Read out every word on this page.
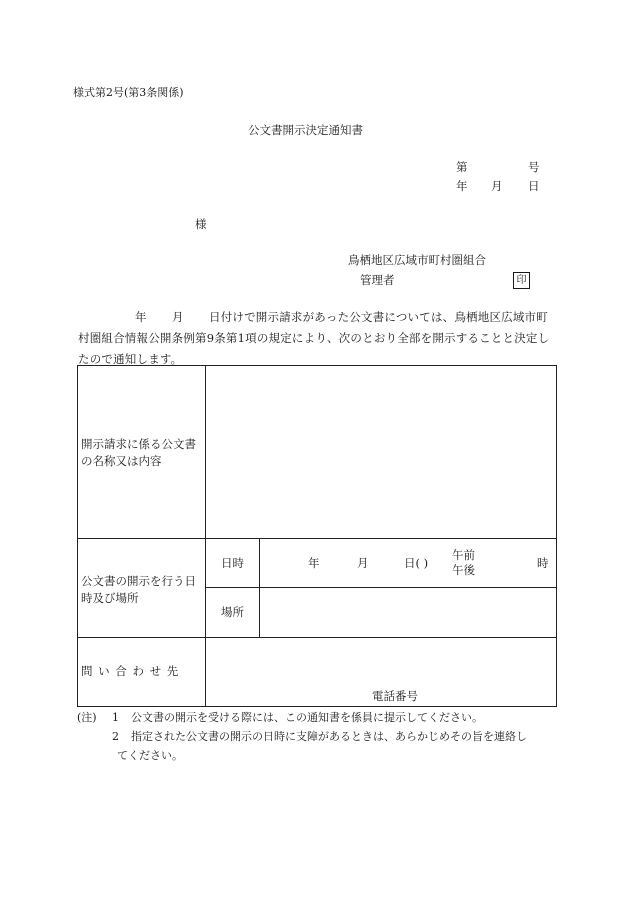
様式第2号(第3条関係)
公文書開示決定通知書
第	号
年 月 日
様
鳥栖地区広域市町村圏組合
管理者	印
年 月	日付けで開示請求があった公文書については、鳥栖地区広域市町村圏組合情報公開条例第9条第1項の規定により、次のとおり全部を開示することと決定したので通知します。
開示請求に係る公文書の名称又は内容
公文書の開示を行う日時及び場所
日時	年	月	日( )
午前
午後	時
場所
問 い 合 わ せ 先
電話番号
(注) 1 公文書の開示を受ける際には、この通知書を係員に提示してください。
2 指定された公文書の開示の日時に支障があるときは、あらかじめその旨を連絡し
てください。
